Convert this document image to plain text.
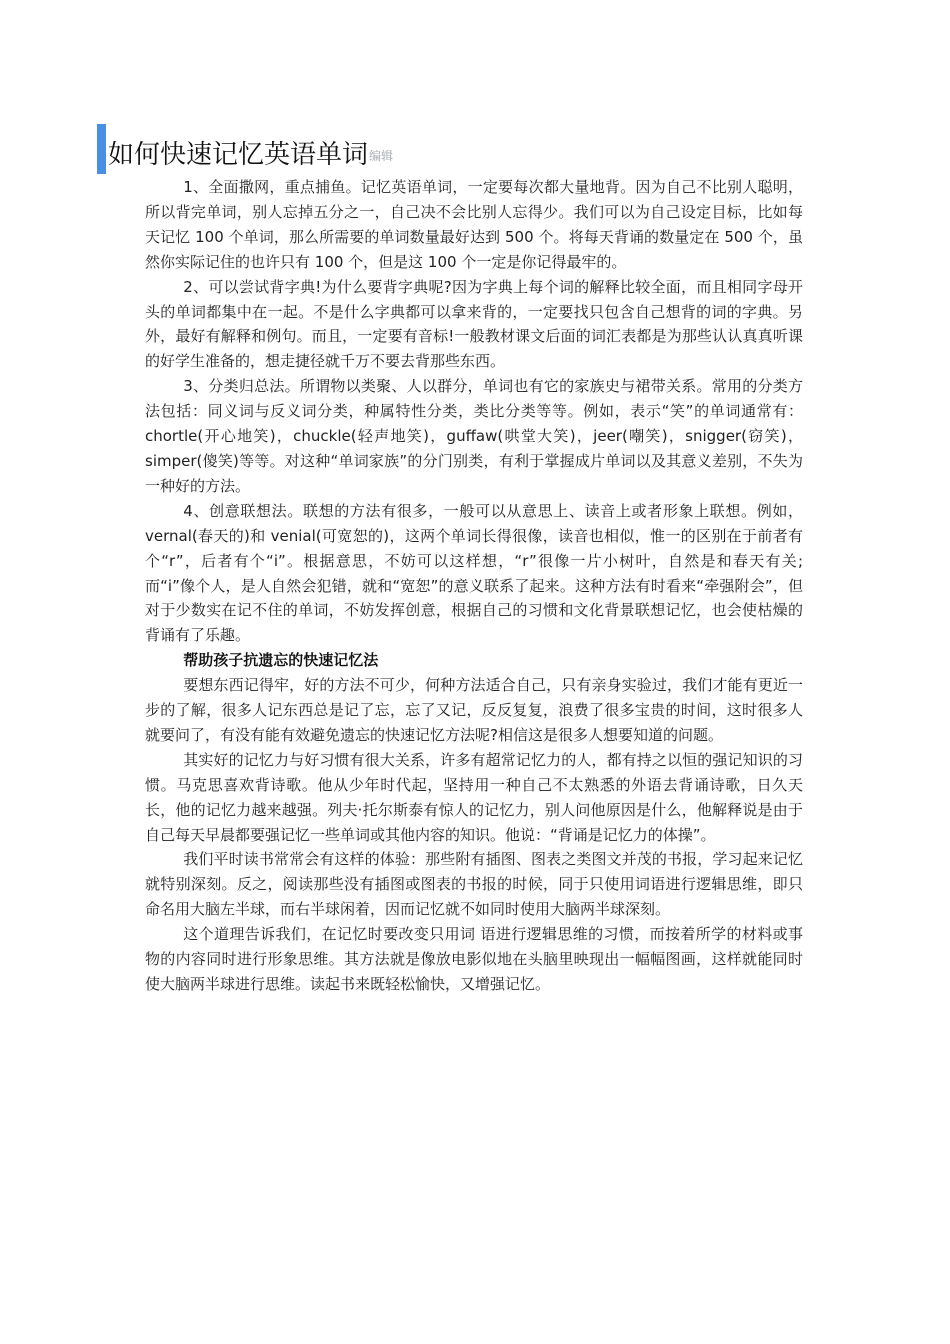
如何快速记忆英语单词 编辑

1、全面撒网，重点捕鱼。记忆英语单词，一定要每次都大量地背。因为自己不比别人聪明，所以背完单词，别人忘掉五分之一，自己决不会比别人忘得少。我们可以为自己设定目标，比如每天记忆 100 个单词，那么所需要的单词数量最好达到 500 个。将每天背诵的数量定在 500 个，虽然你实际记住的也许只有 100 个，但是这 100 个一定是你记得最牢的。

2、可以尝试背字典!为什么要背字典呢?因为字典上每个词的解释比较全面，而且相同字母开头的单词都集中在一起。不是什么字典都可以拿来背的，一定要找只包含自己想背的词的字典。另外，最好有解释和例句。而且，一定要有音标!一般教材课文后面的词汇表都是为那些认认真真听课的好学生准备的，想走捷径就千万不要去背那些东西。

3、分类归总法。所谓物以类聚、人以群分，单词也有它的家族史与裙带关系。常用的分类方法包括：同义词与反义词分类，种属特性分类，类比分类等等。例如，表示“笑”的单词通常有：chortle(开心地笑)，chuckle(轻声地笑)，guffaw(哄堂大笑)，jeer(嘲笑)，snigger(窃笑)，simper(傻笑)等等。对这种“单词家族”的分门别类，有利于掌握成片单词以及其意义差别，不失为一种好的方法。

4、创意联想法。联想的方法有很多，一般可以从意思上、读音上或者形象上联想。例如，vernal(春天的)和 venial(可宽恕的)，这两个单词长得很像，读音也相似，惟一的区别在于前者有个“r”，后者有个“i”。根据意思，不妨可以这样想，“r”很像一片小树叶，自然是和春天有关;而“i”像个人，是人自然会犯错，就和“宽恕”的意义联系了起来。这种方法有时看来“牵强附会”，但对于少数实在记不住的单词，不妨发挥创意，根据自己的习惯和文化背景联想记忆，也会使枯燥的背诵有了乐趣。

帮助孩子抗遗忘的快速记忆法

要想东西记得牢，好的方法不可少，何种方法适合自己，只有亲身实验过，我们才能有更近一步的了解，很多人记东西总是记了忘，忘了又记，反反复复，浪费了很多宝贵的时间，这时很多人就要问了，有没有能有效避免遗忘的快速记忆方法呢?相信这是很多人想要知道的问题。

其实好的记忆力与好习惯有很大关系，许多有超常记忆力的人，都有持之以恒的强记知识的习惯。马克思喜欢背诗歌。他从少年时代起，坚持用一种自己不太熟悉的外语去背诵诗歌，日久天长，他的记忆力越来越强。列夫·托尔斯泰有惊人的记忆力，别人问他原因是什么，他解释说是由于自己每天早晨都要强记忆一些单词或其他内容的知识。他说：“背诵是记忆力的体操”。

我们平时读书常常会有这样的体验：那些附有插图、图表之类图文并茂的书报，学习起来记忆就特别深刻。反之，阅读那些没有插图或图表的书报的时候，同于只使用词语进行逻辑思维，即只命名用大脑左半球，而右半球闲着，因而记忆就不如同时使用大脑两半球深刻。

这个道理告诉我们，在记忆时要改变只用词 语进行逻辑思维的习惯，而按着所学的材料或事物的内容同时进行形象思维。其方法就是像放电影似地在头脑里映现出一幅幅图画，这样就能同时使大脑两半球进行思维。读起书来既轻松愉快，又增强记忆。
